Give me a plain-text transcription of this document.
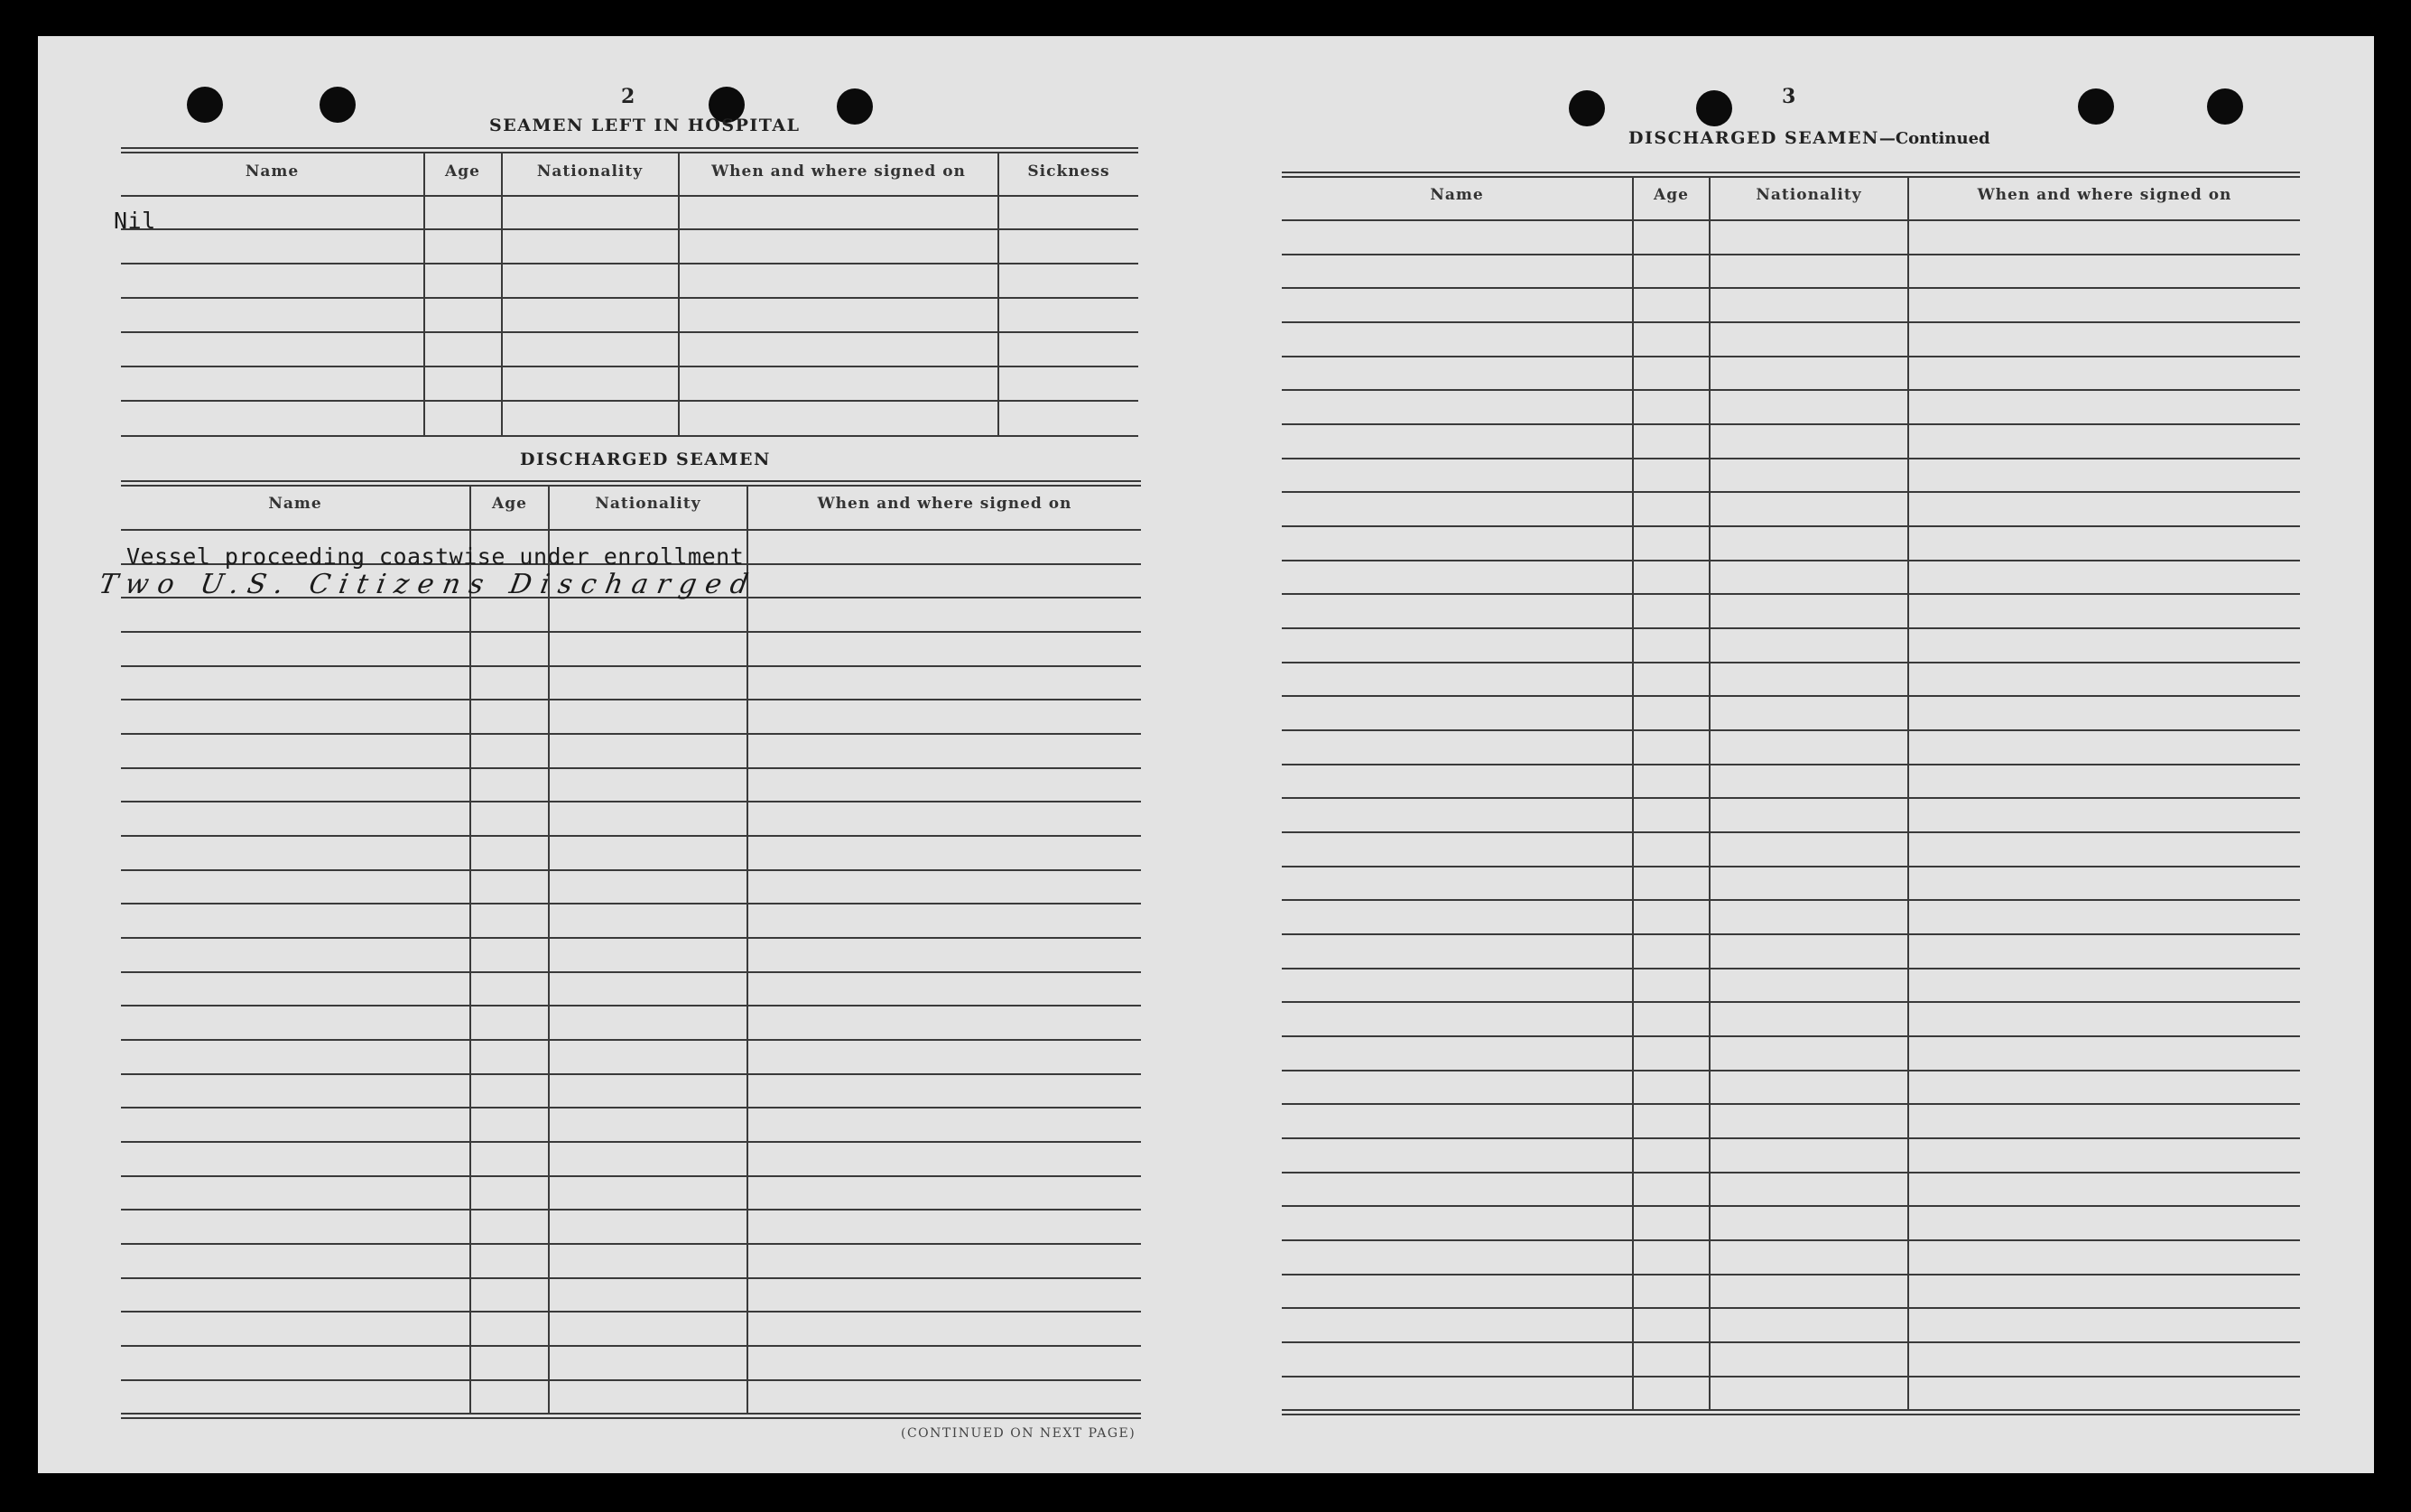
2
SEAMEN LEFT IN HOSPITAL
Name	Age	Nationality	When and where signed on	Sickness
Nil
DISCHARGED SEAMEN
Name	Age	Nationality	When and where signed on
Vessel proceeding coastwise under enrollment
Two U.S. Citizens Discharged
(CONTINUED ON NEXT PAGE)
3
DISCHARGED SEAMEN—Continued
Name	Age	Nationality	When and where signed on
